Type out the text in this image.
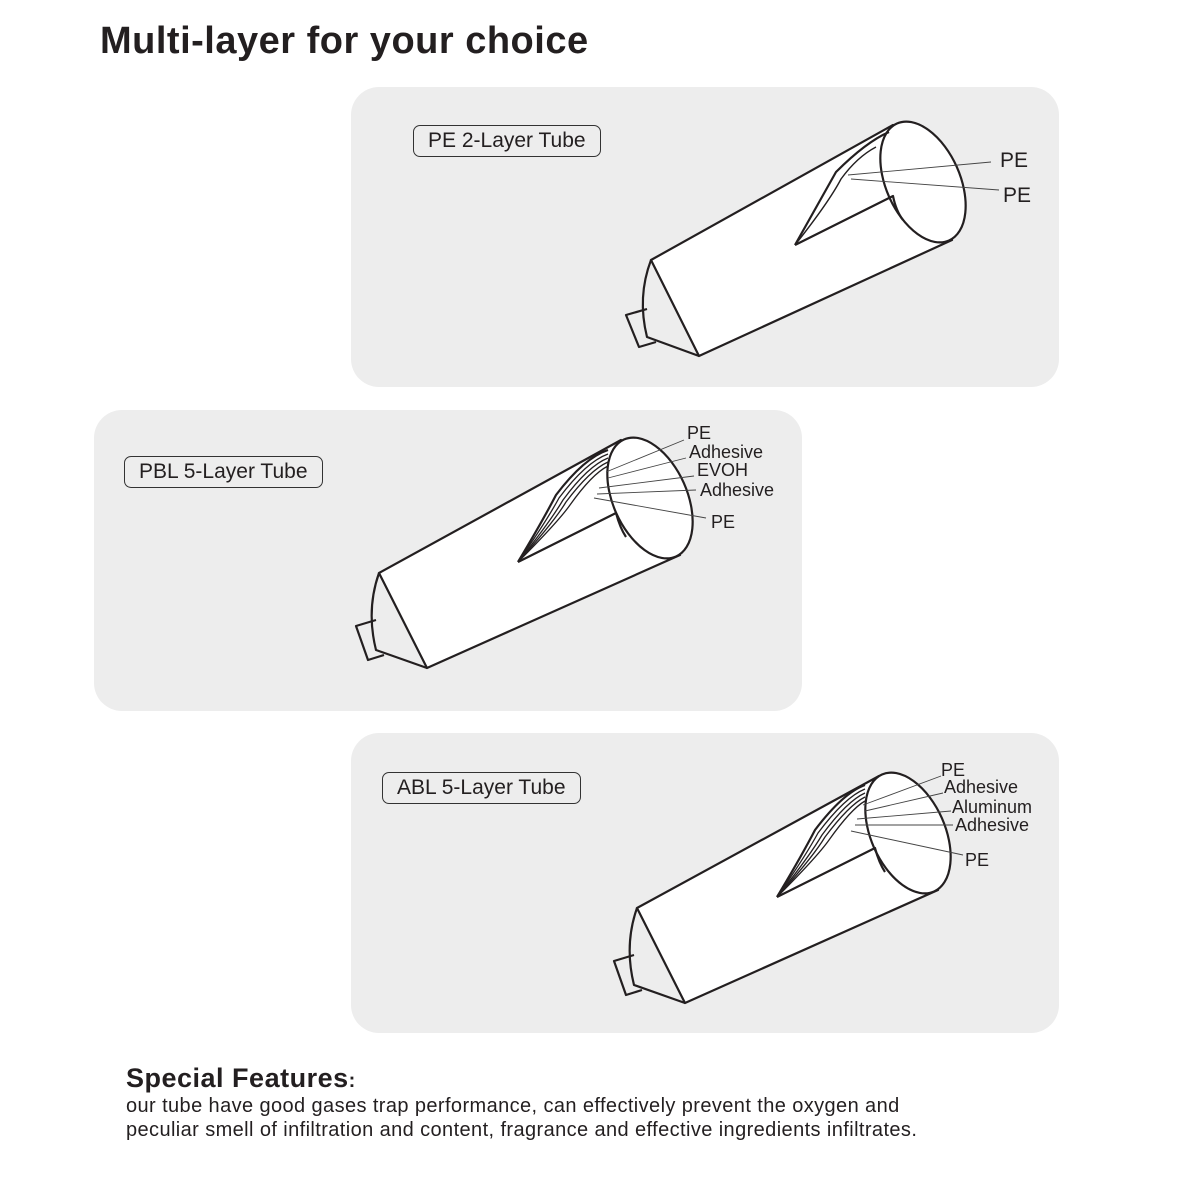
Multi-layer for your choice
PE 2-Layer Tube
PE
PE
PBL 5-Layer Tube
PE
Adhesive
EVOH
Adhesive
PE
ABL 5-Layer Tube
PE
Adhesive
Aluminum
Adhesive
PE
Special Features:
our tube have good gases trap performance, can effectively prevent the oxygen and
peculiar smell of infiltration and content, fragrance and effective ingredients infiltrates.
